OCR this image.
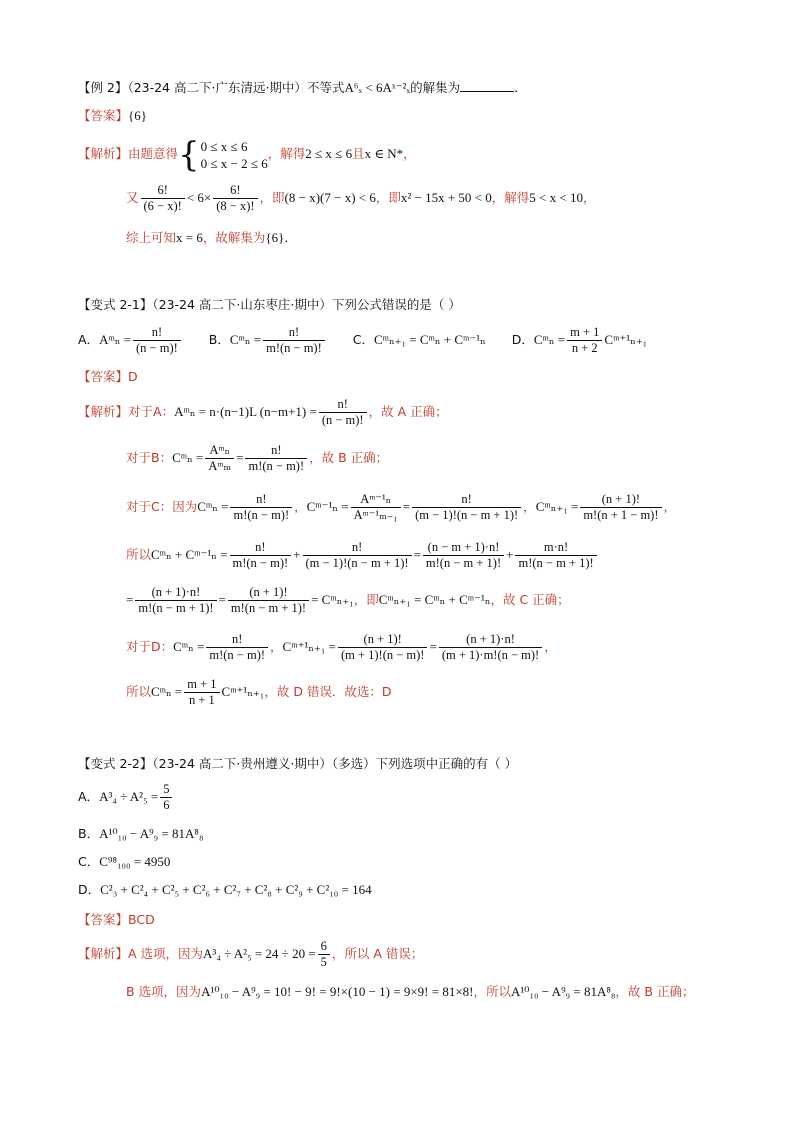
【例 2】（23-24 高二下·广东清远·期中）不等式A⁶ₓ < 6Aˣ⁻²ₓ的解集为	.
【答案】{6}
【解析】由题意得{ 0 ≤ x ≤ 6
0 ≤ x − 2 ≤ 6
，解得2 ≤ x ≤ 6且x ∈ N*，
又 $\frac{6!}{(6 - x)!} < 6\times \frac{6!}{(8 - x)!}$ ，即(8 − x)(7 − x) < 6，即x² − 15x + 50 < 0，解得5 < x < 10，
综上可知x = 6，故解集为{6}.
【变式 2-1】（23-24 高二下·山东枣庄·期中）下列公式错误的是（ ）
A．Aᵐₙ = $\frac{n!}{(n - m)!}$ B．Cᵐₙ = $\frac{n!}{m!(n - m)!}$ C．Cᵐₙ₊₁ = Cᵐₙ + Cᵐ⁻¹ₙ D．Cᵐₙ = $\frac{m + 1}{n + 2}$ Cᵐ⁺¹ₙ₊₁
【答案】D
【解析】对于A：Aᵐₙ = n·(n−1)L $(n-m+1) = \frac{n!}{(n - m)!}$ ，故 A 正确；
对于B：Cᵐₙ = $\frac{\text{Aᵐₙ}}{\text{Aᵐₘ}} = \frac{n!}{m!(n - m)!}$ ，故 B 正确；
对于C：因为Cᵐₙ = $\frac{n!}{m!(n - m)!}$ ，Cᵐ⁻¹ₙ = $\frac{\text{Aᵐ⁻¹ₙ}}{\text{Aᵐ⁻¹ₘ₋₁}} = \frac{n!}{(m - 1)!(n - m + 1)!}$ ，Cᵐₙ₊₁ = $\frac{(n + 1)!}{m!(n + 1 - m)!}$ ，
所以Cᵐₙ + Cᵐ⁻¹ₙ = $\frac{n!}{m!(n - m)!} + \frac{n!}{(m - 1)!(n - m + 1)!} = \frac{(n - m + 1)\cdot n!}{m!(n - m + 1)!} + \frac{m\cdot n!}{m!(n - m + 1)!}$
= $\frac{(n + 1)\cdot n!}{m!(n - m + 1)!} = \frac{(n + 1)!}{m!(n - m + 1)!}$ = Cᵐₙ₊₁，即Cᵐₙ₊₁ = Cᵐₙ + Cᵐ⁻¹ₙ，故 C 正确；
对于D：Cᵐₙ = $\frac{n!}{m!(n - m)!}$ ，Cᵐ⁺¹ₙ₊₁ = $\frac{(n + 1)!}{(m + 1)!(n - m)!} = \frac{(n + 1)\cdot n!}{(m + 1)\cdot m!(n - m)!}$ ，
所以Cᵐₙ = $\frac{m + 1}{n + 1}$ Cᵐ⁺¹ₙ₊₁，故 D 错误．故选：D
【变式 2-2】（23-24 高二下·贵州遵义·期中）（多选）下列选项中正确的有（ ）
A．$A^3_4 \div A^2_5 = \frac{5}{6}$
B．A¹⁰₁₀ − A⁹₉ = 81A⁸₈
C．C⁹⁸₁₀₀ = 4950
D．C²₃ + C²₄ + C²₅ + C²₆ + C²₇ + C²₈ + C²₉ + C²₁₀ = 164
【答案】BCD
【解析】A 选项，因为$A^3_4 \div A^2_5 = 24 \div 20 = \frac{6}{5}$ ，所以 A 错误；
B 选项，因为A¹⁰₁₀ − A⁹₉ = 10! − 9! = 9!×(10 − 1) = 9×9! = 81×8!，所以A¹⁰₁₀ − A⁹₉ = 81A⁸₈，故 B 正确；
